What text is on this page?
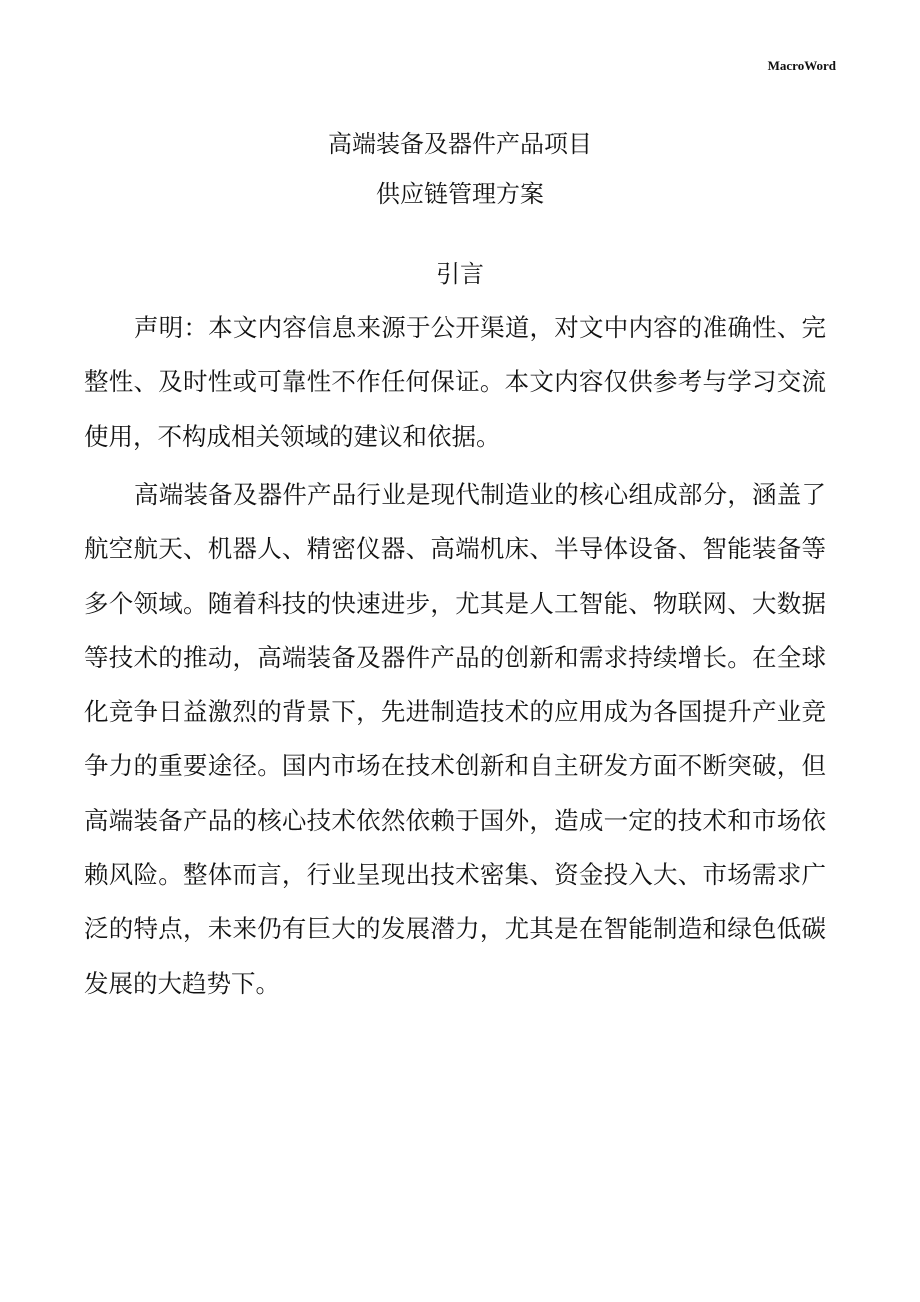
MacroWord
高端装备及器件产品项目
供应链管理方案
引言
声明：本文内容信息来源于公开渠道，对文中内容的准确性、完
整性、及时性或可靠性不作任何保证。本文内容仅供参考与学习交流
使用，不构成相关领域的建议和依据。
高端装备及器件产品行业是现代制造业的核心组成部分，涵盖了
航空航天、机器人、精密仪器、高端机床、半导体设备、智能装备等
多个领域。随着科技的快速进步，尤其是人工智能、物联网、大数据
等技术的推动，高端装备及器件产品的创新和需求持续增长。在全球
化竞争日益激烈的背景下，先进制造技术的应用成为各国提升产业竞
争力的重要途径。国内市场在技术创新和自主研发方面不断突破，但
高端装备产品的核心技术依然依赖于国外，造成一定的技术和市场依
赖风险。整体而言，行业呈现出技术密集、资金投入大、市场需求广
泛的特点，未来仍有巨大的发展潜力，尤其是在智能制造和绿色低碳
发展的大趋势下。
